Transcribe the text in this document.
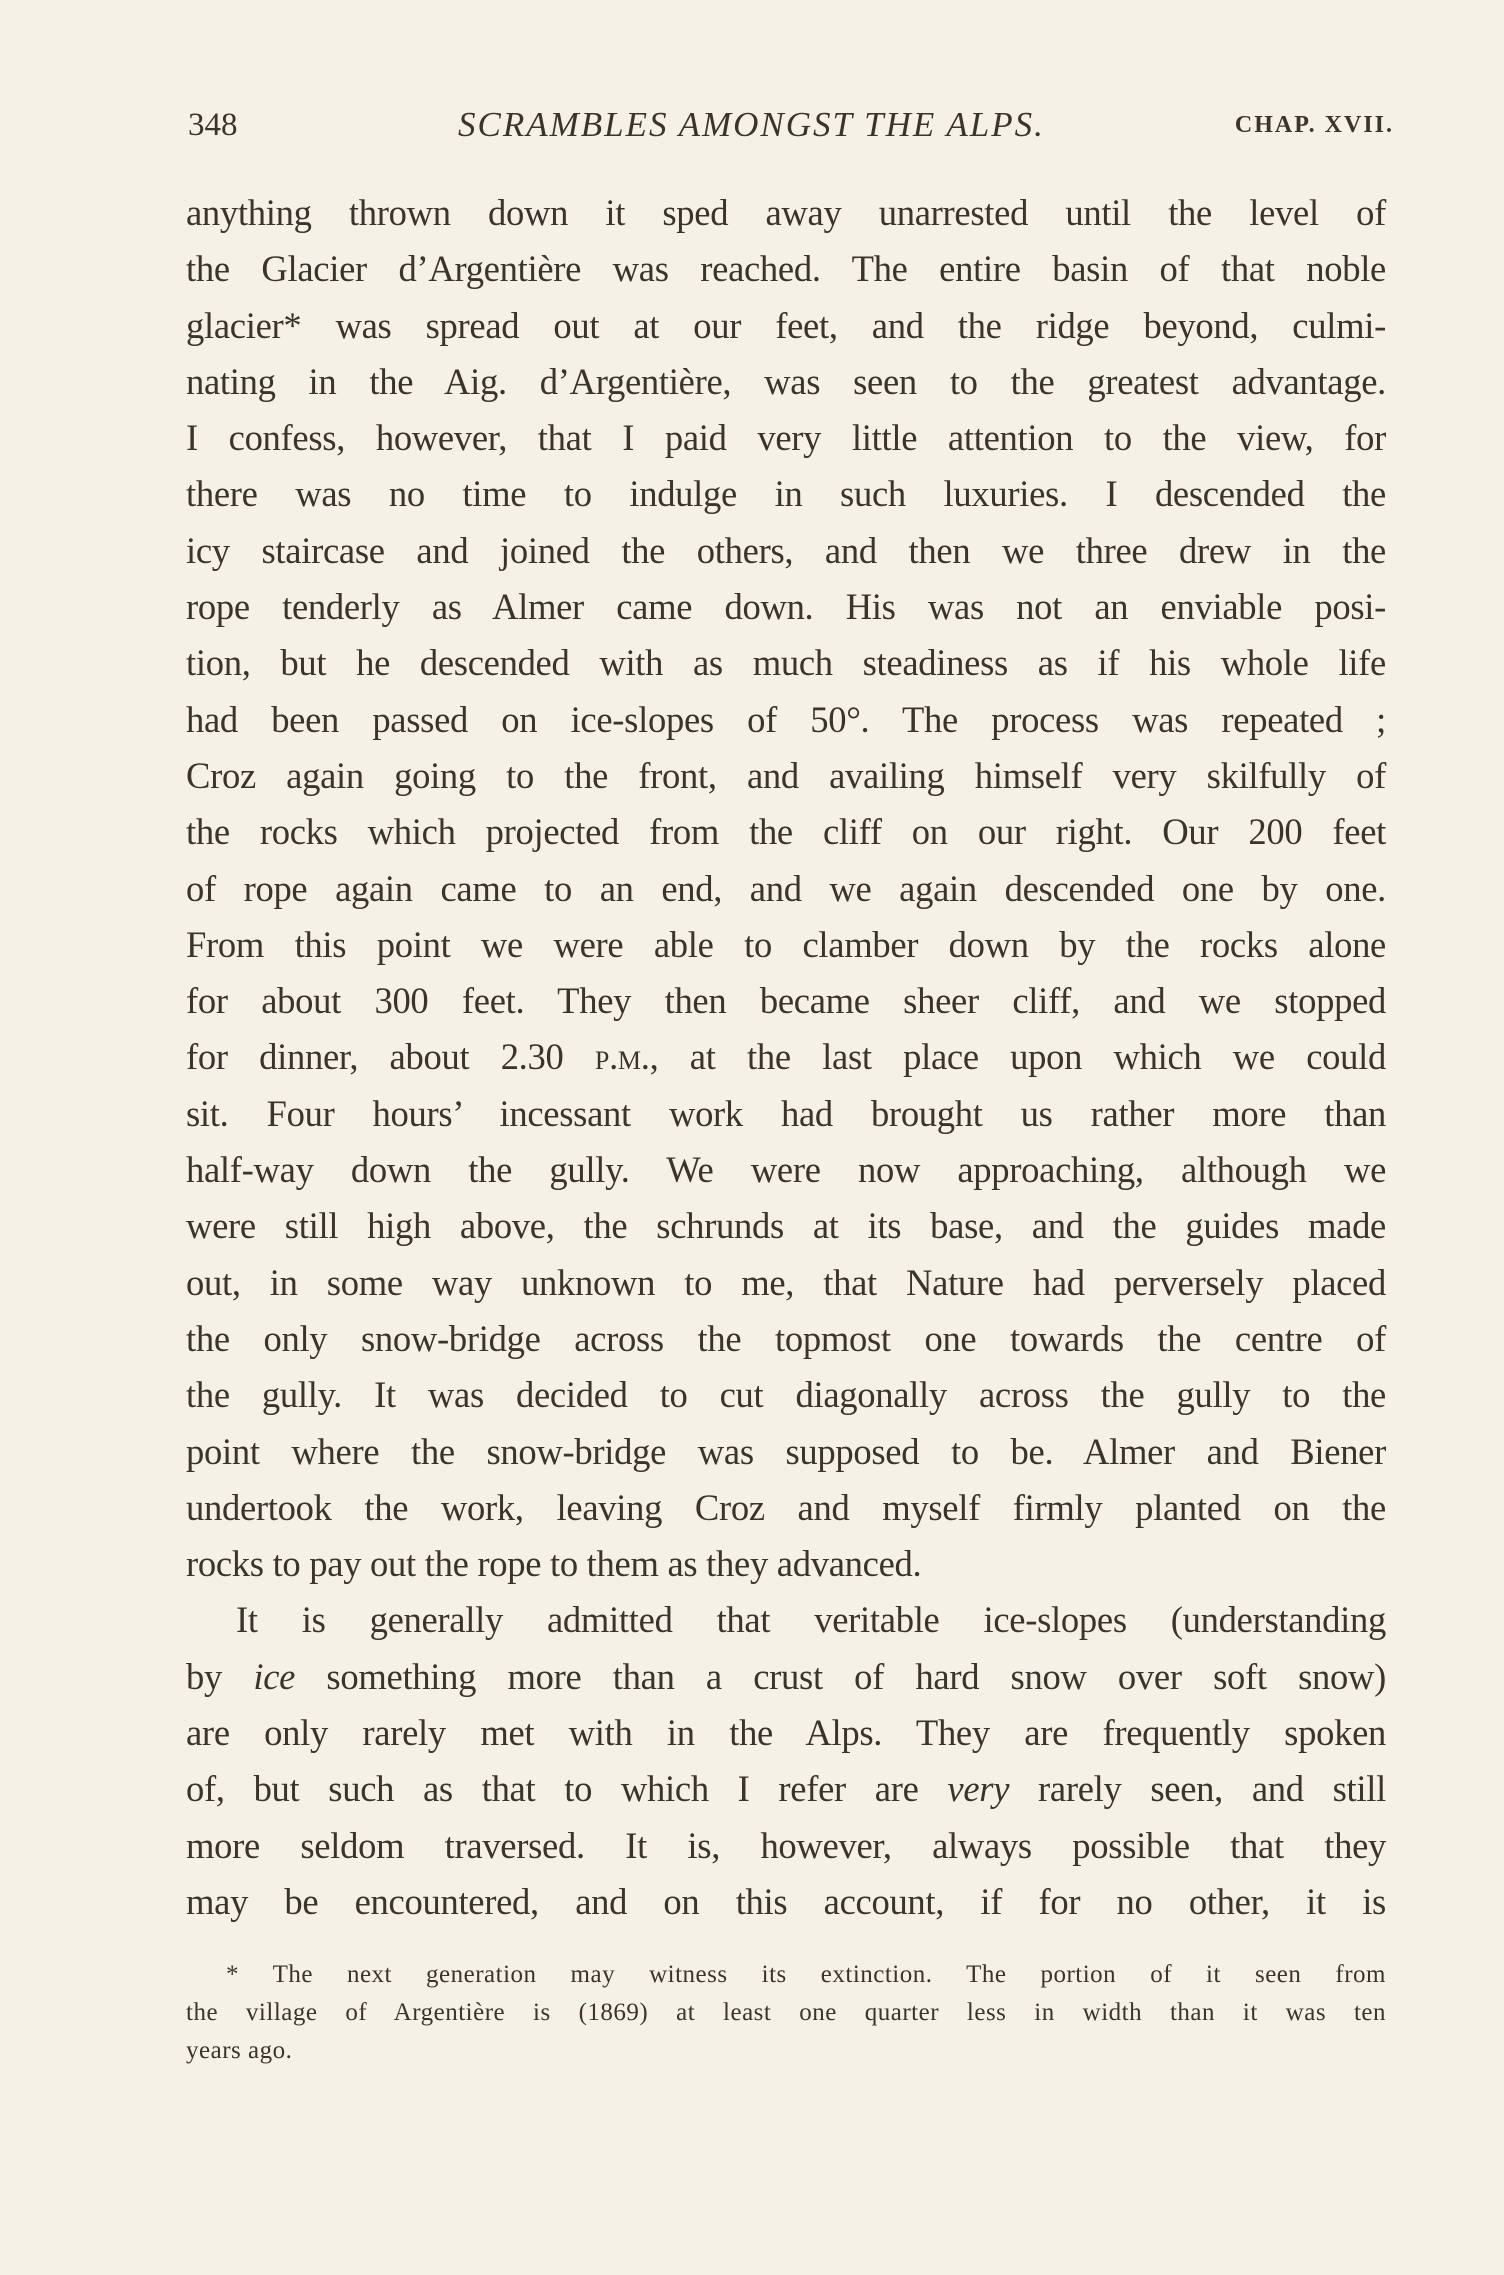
348	SCRAMBLES AMONGST THE ALPS.	CHAP. XVII.
anything thrown down it sped away unarrested until the level of
the Glacier d’Argentière was reached. The entire basin of that noble
glacier* was spread out at our feet, and the ridge beyond, culmi-
nating in the Aig. d’Argentière, was seen to the greatest advantage.
I confess, however, that I paid very little attention to the view, for
there was no time to indulge in such luxuries. I descended the
icy staircase and joined the others, and then we three drew in the
rope tenderly as Almer came down. His was not an enviable posi-
tion, but he descended with as much steadiness as if his whole life
had been passed on ice-slopes of 50°. The process was repeated ;
Croz again going to the front, and availing himself very skilfully of
the rocks which projected from the cliff on our right. Our 200 feet
of rope again came to an end, and we again descended one by one.
From this point we were able to clamber down by the rocks alone
for about 300 feet. They then became sheer cliff, and we stopped
for dinner, about 2.30 p.m., at the last place upon which we could
sit. Four hours’ incessant work had brought us rather more than
half-way down the gully. We were now approaching, although we
were still high above, the schrunds at its base, and the guides made
out, in some way unknown to me, that Nature had perversely placed
the only snow-bridge across the topmost one towards the centre of
the gully. It was decided to cut diagonally across the gully to the
point where the snow-bridge was supposed to be. Almer and Biener
undertook the work, leaving Croz and myself firmly planted on the
rocks to pay out the rope to them as they advanced.
It is generally admitted that veritable ice-slopes (understanding
by ice something more than a crust of hard snow over soft snow)
are only rarely met with in the Alps. They are frequently spoken
of, but such as that to which I refer are very rarely seen, and still
more seldom traversed. It is, however, always possible that they
may be encountered, and on this account, if for no other, it is
* The next generation may witness its extinction. The portion of it seen from
the village of Argentière is (1869) at least one quarter less in width than it was ten
years ago.
